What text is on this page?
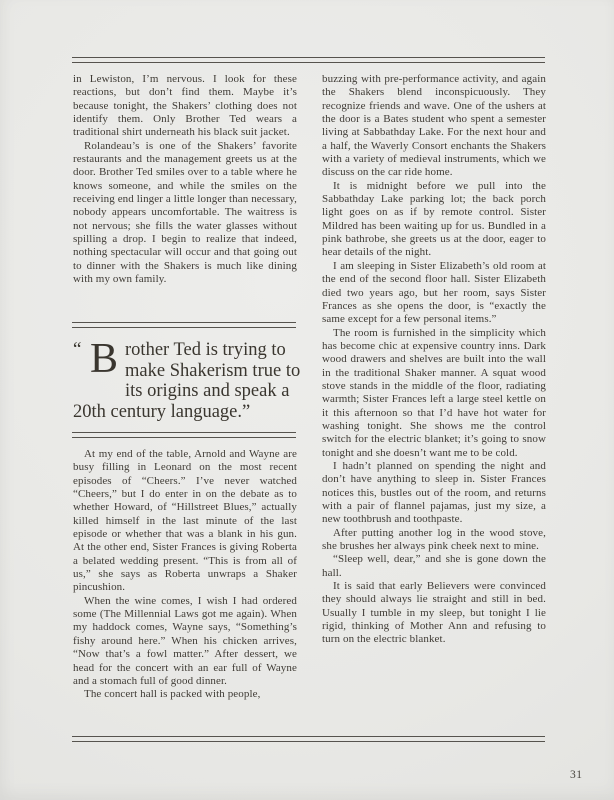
in Lewiston, I’m nervous. I look for these reactions, but don’t find them. Maybe it’s because tonight, the Shakers’ clothing does not identify them. Only Brother Ted wears a traditional shirt underneath his black suit jacket.

Rolandeau’s is one of the Shakers’ favorite restaurants and the management greets us at the door. Brother Ted smiles over to a table where he knows someone, and while the smiles on the receiving end linger a little longer than necessary, nobody appears uncomfortable. The waitress is not nervous; she fills the water glasses without spilling a drop. I begin to realize that indeed, nothing spectacular will occur and that going out to dinner with the Shakers is much like dining with my own family.

“ B rother Ted is trying to make Shakerism true to its origins and speak a 20th century language.”

At my end of the table, Arnold and Wayne are busy filling in Leonard on the most recent episodes of “Cheers.” I’ve never watched “Cheers,” but I do enter in on the debate as to whether Howard, of “Hillstreet Blues,” actually killed himself in the last minute of the last episode or whether that was a blank in his gun. At the other end, Sister Frances is giving Roberta a belated wedding present. “This is from all of us,” she says as Roberta unwraps a Shaker pincushion.

When the wine comes, I wish I had ordered some (The Millennial Laws got me again). When my haddock comes, Wayne says, “Something’s fishy around here.” When his chicken arrives, “Now that’s a fowl matter.” After dessert, we head for the concert with an ear full of Wayne and a stomach full of good dinner.

The concert hall is packed with people,

buzzing with pre-performance activity, and again the Shakers blend inconspicuously. They recognize friends and wave. One of the ushers at the door is a Bates student who spent a semester living at Sabbathday Lake. For the next hour and a half, the Waverly Consort enchants the Shakers with a variety of medieval instruments, which we discuss on the car ride home.

It is midnight before we pull into the Sabbathday Lake parking lot; the back porch light goes on as if by remote control. Sister Mildred has been waiting up for us. Bundled in a pink bathrobe, she greets us at the door, eager to hear details of the night.

I am sleeping in Sister Elizabeth’s old room at the end of the second floor hall. Sister Elizabeth died two years ago, but her room, says Sister Frances as she opens the door, is “exactly the same except for a few personal items.”

The room is furnished in the simplicity which has become chic at expensive country inns. Dark wood drawers and shelves are built into the wall in the traditional Shaker manner. A squat wood stove stands in the middle of the floor, radiating warmth; Sister Frances left a large steel kettle on it this afternoon so that I’d have hot water for washing tonight. She shows me the control switch for the electric blanket; it’s going to snow tonight and she doesn’t want me to be cold.

I hadn’t planned on spending the night and don’t have anything to sleep in. Sister Frances notices this, bustles out of the room, and returns with a pair of flannel pajamas, just my size, a new toothbrush and toothpaste.

After putting another log in the wood stove, she brushes her always pink cheek next to mine.

“Sleep well, dear,” and she is gone down the hall.

It is said that early Believers were convinced they should always lie straight and still in bed. Usually I tumble in my sleep, but tonight I lie rigid, thinking of Mother Ann and refusing to turn on the electric blanket.

31
